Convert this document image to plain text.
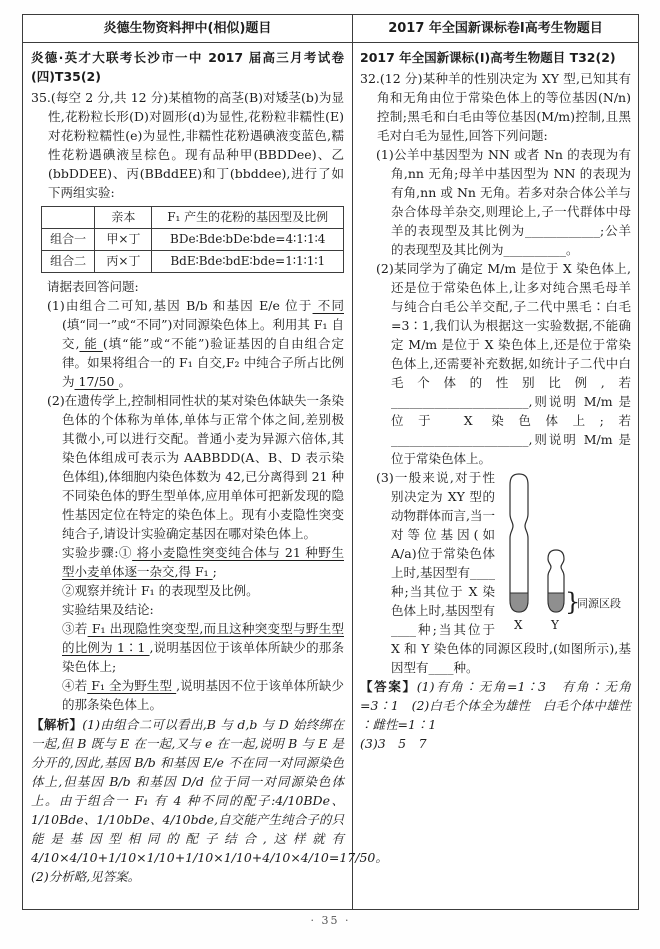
炎德生物资料押中(相似)题目	2017 年全国新课标卷Ⅰ高考生物题目

炎德·英才大联考长沙市一中 2017 届高三月考试卷(四)T35(2)

35.(每空 2 分,共 12 分)某植物的高茎(B)对矮茎(b)为显性,花粉粒长形(D)对圆形(d)为显性,花粉粒非糯性(E)对花粉粒糯性(e)为显性,非糯性花粉遇碘液变蓝色,糯性花粉遇碘液呈棕色。现有品种甲(BBDDee)、乙(bbDDEE)、丙(BBddEE)和丁(bbddee),进行了如下两组实验:

	亲本	F₁ 产生的花粉的基因型及比例
组合一	甲×丁	BDe∶Bde∶bDe∶bde=4∶1∶1∶4
组合二	丙×丁	BdE∶Bde∶bdE∶bde=1∶1∶1∶1

请据表回答问题:

(1)由组合二可知,基因 B/b 和基因 E/e 位于 不同 (填“同一”或“不同”)对同源染色体上。利用其 F₁ 自交, 能 (填“能”或“不能”)验证基因的自由组合定律。如果将组合一的 F₁ 自交,F₂ 中纯合子所占比例为 17/50 。

(2)在遗传学上,控制相同性状的某对染色体缺失一条染色体的个体称为单体,单体与正常个体之间,差别极其微小,可以进行交配。普通小麦为异源六倍体,其染色体组成可表示为 AABBDD(A、B、D 表示染色体组),体细胞内染色体数为 42,已分离得到 21 种不同染色体的野生型单体,应用单体可把新发现的隐性基因定位在特定的染色体上。现有小麦隐性突变纯合子,请设计实验确定基因在哪对染色体上。

实验步骤:① 将小麦隐性突变纯合体与 21 种野生型小麦单体逐一杂交,得 F₁ ;

②观察并统计 F₁ 的表现型及比例。

实验结果及结论:

③若 F₁ 出现隐性突变型,而且这种突变型与野生型的比例为 1∶1 ,说明基因位于该单体所缺少的那条染色体上;

④若 F₁ 全为野生型 ,说明基因不位于该单体所缺少的那条染色体上。

【解析】(1)由组合二可以看出,B 与 d,b 与 D 始终绑在一起,但 B 既与 E 在一起,又与 e 在一起,说明 B 与 E 是分开的,因此,基因 B/b 和基因 E/e 不在同一对同源染色体上,但基因 B/b 和基因 D/d 位于同一对同源染色体上。由于组合一 F₁ 有 4 种不同的配子:4/10BDe、1/10Bde、1/10bDe、4/10bde,自交能产生纯合子的只能是基因型相同的配子结合,这样就有 4/10×4/10+1/10×1/10+1/10×1/10+4/10×4/10=17/50。(2)分析略,见答案。

2017 年全国新课标(Ⅰ)高考生物题目 T32(2)

32.(12 分)某种羊的性别决定为 XY 型,已知其有角和无角由位于常染色体上的等位基因(N/n)控制;黑毛和白毛由等位基因(M/m)控制,且黑毛对白毛为显性,回答下列问题:

(1)公羊中基因型为 NN 或者 Nn 的表现为有角,nn 无角;母羊中基因型为 NN 的表现为有角,nn 或 Nn 无角。若多对杂合体公羊与杂合体母羊杂交,则理论上,子一代群体中母羊的表现型及其比例为____________;公羊的表现型及其比例为__________。

(2)某同学为了确定 M/m 是位于 X 染色体上,还是位于常染色体上,让多对纯合黑毛母羊与纯合白毛公羊交配,子二代中黑毛∶白毛=3∶1,我们认为根据这一实验数据,不能确定 M/m 是位于 X 染色体上,还是位于常染色体上,还需要补充数据,如统计子二代中白毛个体的性别比例,若______________________,则说明 M/m 是位于 X 染色体上;若______________________,则说明 M/m 是位于常染色体上。

}
同源区段
X Y
(3)一般来说,对于性别决定为 XY 型的动物群体而言,当一对等位基因(如 A/a)位于常染色体上时,基因型有____种;当其位于 X 染色体上时,基因型有____种;当其位于 X 和 Y 染色体的同源区段时,(如图所示),基因型有____种。

【答案】(1)有角∶无角=1∶3　有角∶无角=3∶1　(2)白毛个体全为雄性　白毛个体中雄性∶雌性=1∶1

(3)3　5　7

· 35 ·
